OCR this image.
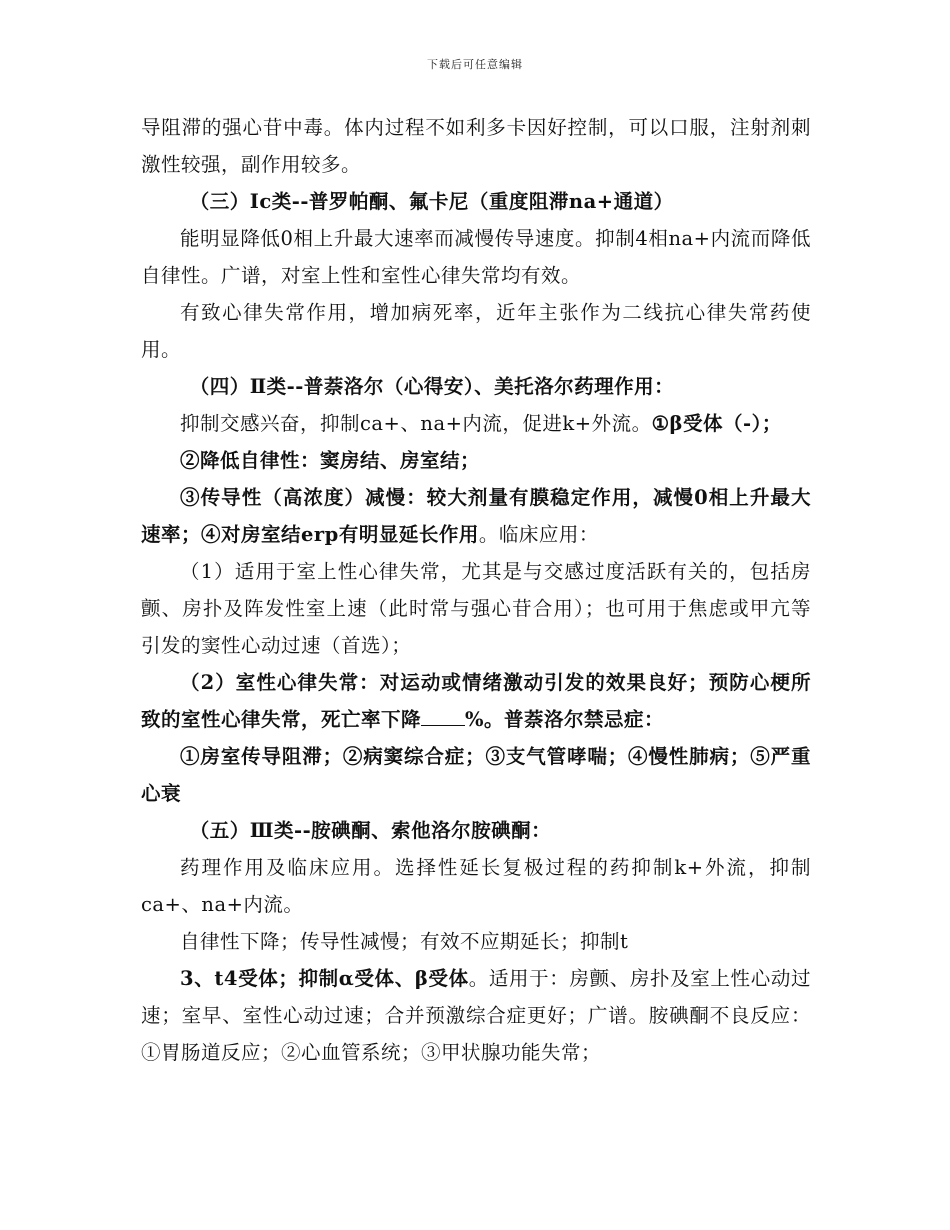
下载后可任意编辑

导阻滞的强心苷中毒。体内过程不如利多卡因好控制，可以口服，注射剂刺激性较强，副作用较多。

（三）Ⅰc类--普罗帕酮、氟卡尼（重度阻滞na+通道）

能明显降低0相上升最大速率而减慢传导速度。抑制4相na+内流而降低自律性。广谱，对室上性和室性心律失常均有效。

有致心律失常作用，增加病死率，近年主张作为二线抗心律失常药使用。

（四）Ⅱ类--普萘洛尔（心得安）、美托洛尔药理作用：

抑制交感兴奋，抑制ca+、na+内流，促进k+外流。①β受体（-）；

②降低自律性：窦房结、房室结；

③传导性（高浓度）减慢：较大剂量有膜稳定作用，减慢0相上升最大速率；④对房室结erp有明显延长作用。临床应用：

（1）适用于室上性心律失常，尤其是与交感过度活跃有关的，包括房颤、房扑及阵发性室上速（此时常与强心苷合用）；也可用于焦虑或甲亢等引发的窦性心动过速（首选）；

（2）室性心律失常：对运动或情绪激动引发的效果良好；预防心梗所致的室性心律失常，死亡率下降 %。普萘洛尔禁忌症：

①房室传导阻滞；②病窦综合症；③支气管哮喘；④慢性肺病；⑤严重心衰

（五）Ⅲ类--胺碘酮、索他洛尔胺碘酮：

药理作用及临床应用。选择性延长复极过程的药抑制k+外流，抑制ca+、na+内流。

自律性下降；传导性减慢；有效不应期延长；抑制t

3、t4受体；抑制α受体、β受体。适用于：房颤、房扑及室上性心动过速；室早、室性心动过速；合并预激综合症更好；广谱。胺碘酮不良反应：①胃肠道反应；②心血管系统；③甲状腺功能失常；
